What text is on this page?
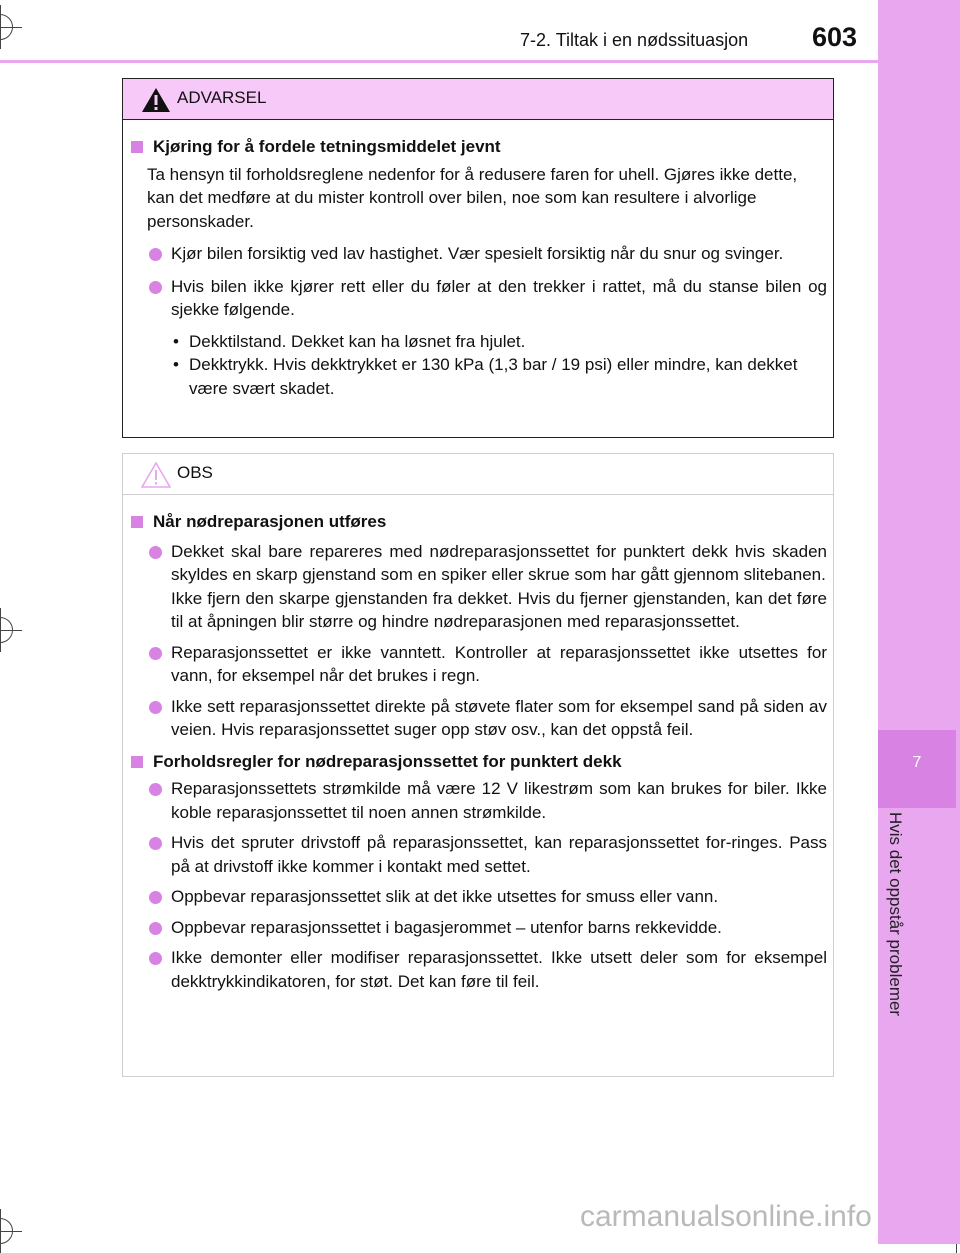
7
Hvis det oppstår problemer
7-2. Tiltak i en nødssituasjon 603
ADVARSEL
Kjøring for å fordele tetningsmiddelet jevnt
Ta hensyn til forholdsreglene nedenfor for å redusere faren for uhell. Gjøres ikke dette, kan det medføre at du mister kontroll over bilen, noe som kan resultere i alvorlige personskader.
Kjør bilen forsiktig ved lav hastighet. Vær spesielt forsiktig når du snur og svinger.
Hvis bilen ikke kjører rett eller du føler at den trekker i rattet, må du stanse bilen og sjekke følgende.
• Dekktilstand. Dekket kan ha løsnet fra hjulet.
• Dekktrykk. Hvis dekktrykket er 130 kPa (1,3 bar / 19 psi) eller mindre, kan dekket være svært skadet.
OBS
Når nødreparasjonen utføres
Dekket skal bare repareres med nødreparasjonssettet for punktert dekk hvis skaden skyldes en skarp gjenstand som en spiker eller skrue som har gått gjennom slitebanen.
Ikke fjern den skarpe gjenstanden fra dekket. Hvis du fjerner gjenstanden, kan det føre til at åpningen blir større og hindre nødreparasjonen med reparasjonssettet.
Reparasjonssettet er ikke vanntett. Kontroller at reparasjonssettet ikke utsettes for vann, for eksempel når det brukes i regn.
Ikke sett reparasjonssettet direkte på støvete flater som for eksempel sand på siden av veien. Hvis reparasjonssettet suger opp støv osv., kan det oppstå feil.
Forholdsregler for nødreparasjonssettet for punktert dekk
Reparasjonssettets strømkilde må være 12 V likestrøm som kan brukes for biler. Ikke koble reparasjonssettet til noen annen strømkilde.
Hvis det spruter drivstoff på reparasjonssettet, kan reparasjonssettet for-ringes. Pass på at drivstoff ikke kommer i kontakt med settet.
Oppbevar reparasjonssettet slik at det ikke utsettes for smuss eller vann.
Oppbevar reparasjonssettet i bagasjerommet – utenfor barns rekkevidde.
Ikke demonter eller modifiser reparasjonssettet. Ikke utsett deler som for eksempel dekktrykkindikatoren, for støt. Det kan føre til feil.
carmanualsonline.info
